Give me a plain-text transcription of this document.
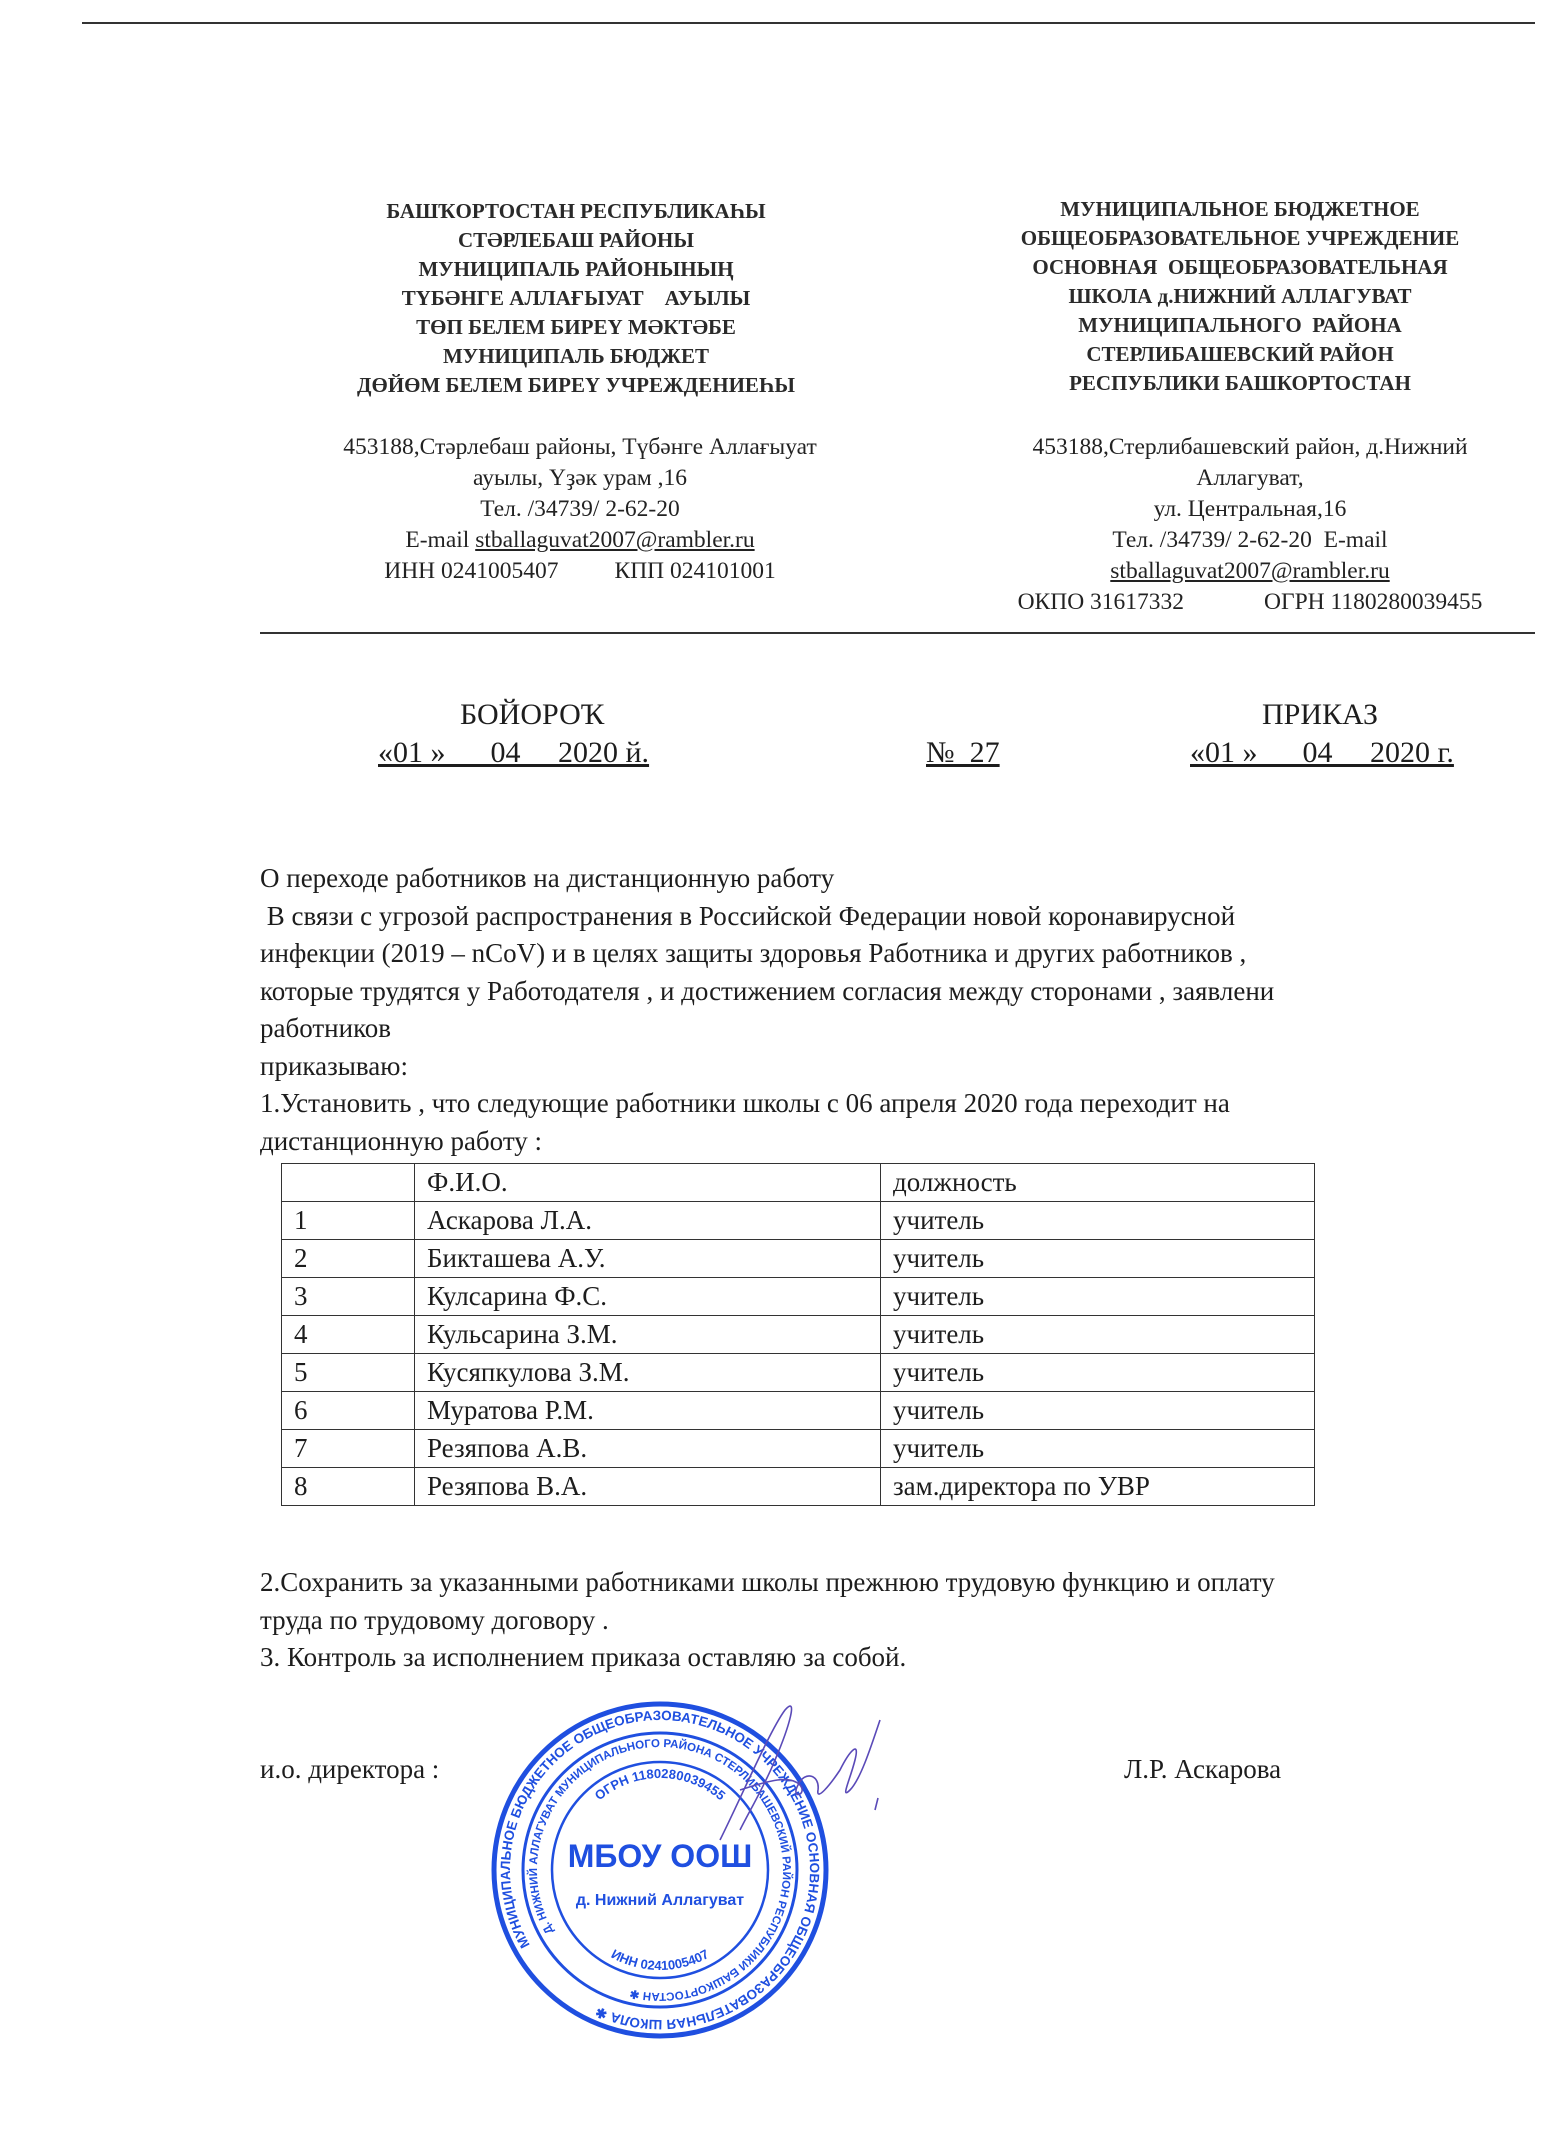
БАШҠОРТОСТАН РЕСПУБЛИКАҺЫ
СТӘРЛЕБАШ РАЙОНЫ
МУНИЦИПАЛЬ РАЙОНЫНЫҢ
ТҮБӘНГЕ АЛЛАҒЫУАТ    АУЫЛЫ
ТӨП БЕЛЕМ БИРЕҮ МӘКТӘБЕ
МУНИЦИПАЛЬ БЮДЖЕТ
ДӨЙӨМ БЕЛЕМ БИРЕҮ УЧРЕЖДЕНИЕҺЫ
МУНИЦИПАЛЬНОЕ БЮДЖЕТНОЕ
ОБЩЕОБРАЗОВАТЕЛЬНОЕ УЧРЕЖДЕНИЕ
ОСНОВНАЯ  ОБЩЕОБРАЗОВАТЕЛЬНАЯ
ШКОЛА д.НИЖНИЙ АЛЛАГУВАТ
МУНИЦИПАЛЬНОГО  РАЙОНА
СТЕРЛИБАШЕВСКИЙ РАЙОН
РЕСПУБЛИКИ БАШКОРТОСТАН
453188,Стәрлебаш районы, Түбәнге Аллағыуат
ауылы, Үҙәк урам ,16
Тел. /34739/ 2-62-20
E-mail stballaguvat2007@rambler.ru
ИНН 0241005407 КПП 024101001
453188,Стерлибашевский район, д.Нижний
Аллагуват,
ул. Центральная,16
Тел. /34739/ 2-62-20  E-mail
stballaguvat2007@rambler.ru
ОКПО 31617332	ОГРН 1180280039455
БОЙОРОҠ	ПРИКАЗ
«01 »      04     2020 й.	№  27	«01 »      04     2020 г.

О переходе работников на дистанционную работу

В связи с угрозой распространения в Российской Федерации новой коронавирусной

инфекции (2019 – nCoV) и в целях защиты здоровья Работника и других работников ,

которые трудятся у Работодателя , и достижением согласия между сторонами , заявлени

работников

приказываю:

1.Установить , что следующие работники школы с 06 апреля 2020 года переходит на

дистанционную работу :

	Ф.И.О.	должность
1	Аскарова Л.А.	учитель
2	Бикташева А.У.	учитель
3	Кулсарина Ф.С.	учитель
4	Кульсарина З.М.	учитель
5	Кусяпкулова З.М.	учитель
6	Муратова Р.М.	учитель
7	Резяпова А.В.	учитель
8	Резяпова В.А.	зам.директора по УВР

2.Сохранить за указанными работниками школы прежнюю трудовую функцию и оплату

труда по трудовому договору .

3. Контроль за исполнением приказа оставляю за собой.

и.о. директора :	Л.Р. Аскарова
МУНИЦИПАЛЬНОЕ БЮДЖЕТНОЕ ОБЩЕОБРАЗОВАТЕЛЬНОЕ УЧРЕЖДЕНИЕ ОСНОВНАЯ ОБЩЕОБРАЗОВАТЕЛЬНАЯ ШКОЛА ✱
Д. НИЖНИЙ АЛЛАГУВАТ МУНИЦИПАЛЬНОГО РАЙОНА СТЕРЛИБАШЕВСКИЙ РАЙОН РЕСПУБЛИКИ БАШКОРТОСТАН ✱
ОГРН 1180280039455
ИНН 0241005407
МБОУ ООШ
д. Нижний Аллагуват
